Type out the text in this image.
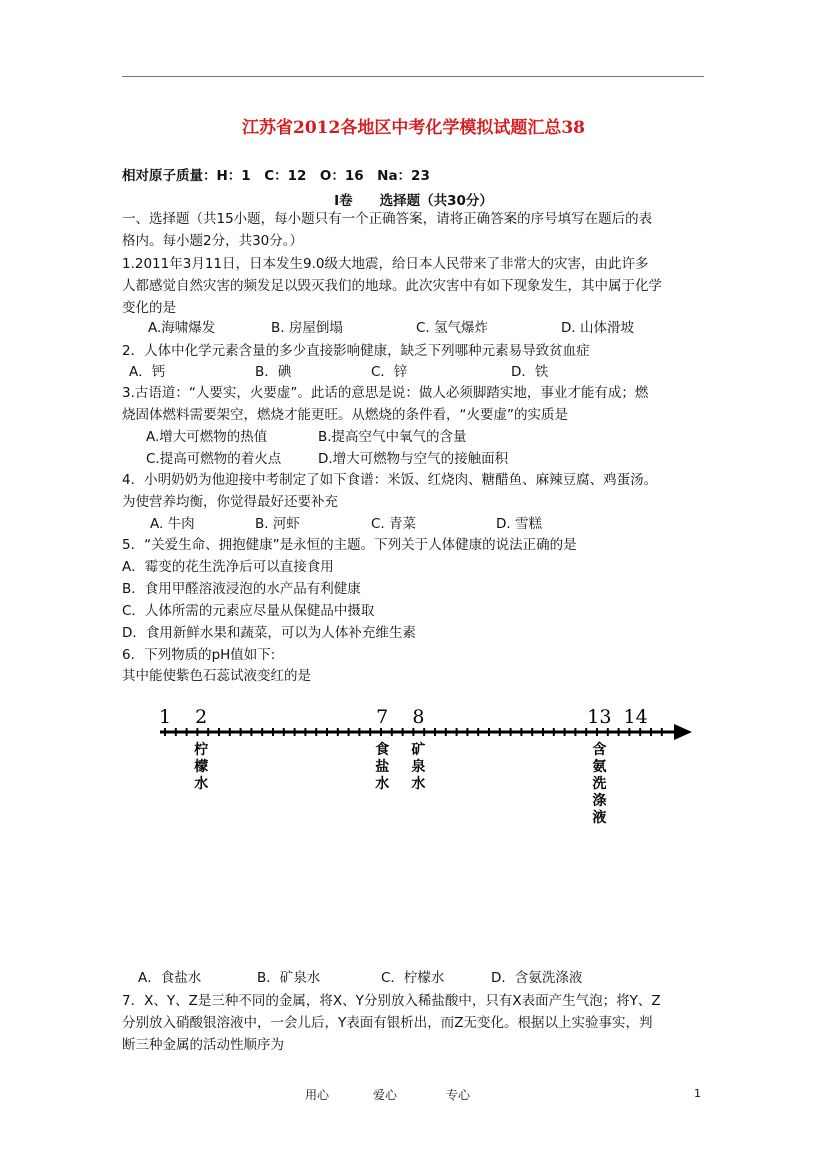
江苏省2012各地区中考化学模拟试题汇总38
相对原子质量：H：1　C：12　O：16　Na：23
I卷　　选择题（共30分）
一、选择题（共15小题，每小题只有一个正确答案，请将正确答案的序号填写在题后的表
格内。每小题2分，共30分。）
1.2011年3月11日，日本发生9.0级大地震，给日本人民带来了非常大的灾害，由此许多
人都感觉自然灾害的频发足以毁灭我们的地球。此次灾害中有如下现象发生，其中属于化学
变化的是
A.海啸爆发	B. 房屋倒塌	C. 氢气爆炸	D. 山体滑坡
2．人体中化学元素含量的多少直接影响健康，缺乏下列哪种元素易导致贫血症
A．钙	B．碘	C．锌	D．铁
3.古语道：“人要实，火要虚”。此话的意思是说：做人必须脚踏实地，事业才能有成；燃
烧固体燃料需要架空，燃烧才能更旺。从燃烧的条件看，“火要虚”的实质是
A.增大可燃物的热值	B.提高空气中氧气的含量
C.提高可燃物的着火点	D.增大可燃物与空气的接触面积
4．小明奶奶为他迎接中考制定了如下食谱：米饭、红烧肉、糖醋鱼、麻辣豆腐、鸡蛋汤。
为使营养均衡，你觉得最好还要补充
A. 牛肉	B. 河虾	C. 青菜	D. 雪糕
5．“关爱生命、拥抱健康”是永恒的主题。下列关于人体健康的说法正确的是
A．霉变的花生洗净后可以直接食用
B．食用甲醛溶液浸泡的水产品有利健康
C．人体所需的元素应尽量从保健品中摄取
D．食用新鲜水果和蔬菜，可以为人体补充维生素
6．下列物质的pH值如下:
其中能使紫色石蕊试液变红的是
1 2	7 8	13 14
柠檬水
食盐水
矿泉水
含氨洗涤液
A．食盐水	B．矿泉水	C．柠檬水	D．含氨洗涤液
7．X、Y、Z是三种不同的金属，将X、Y分别放入稀盐酸中，只有X表面产生气泡；将Y、Z
分别放入硝酸银溶液中，一会儿后，Y表面有银析出，而Z无变化。根据以上实验事实，判
断三种金属的活动性顺序为
用心	爱心	专心	1
